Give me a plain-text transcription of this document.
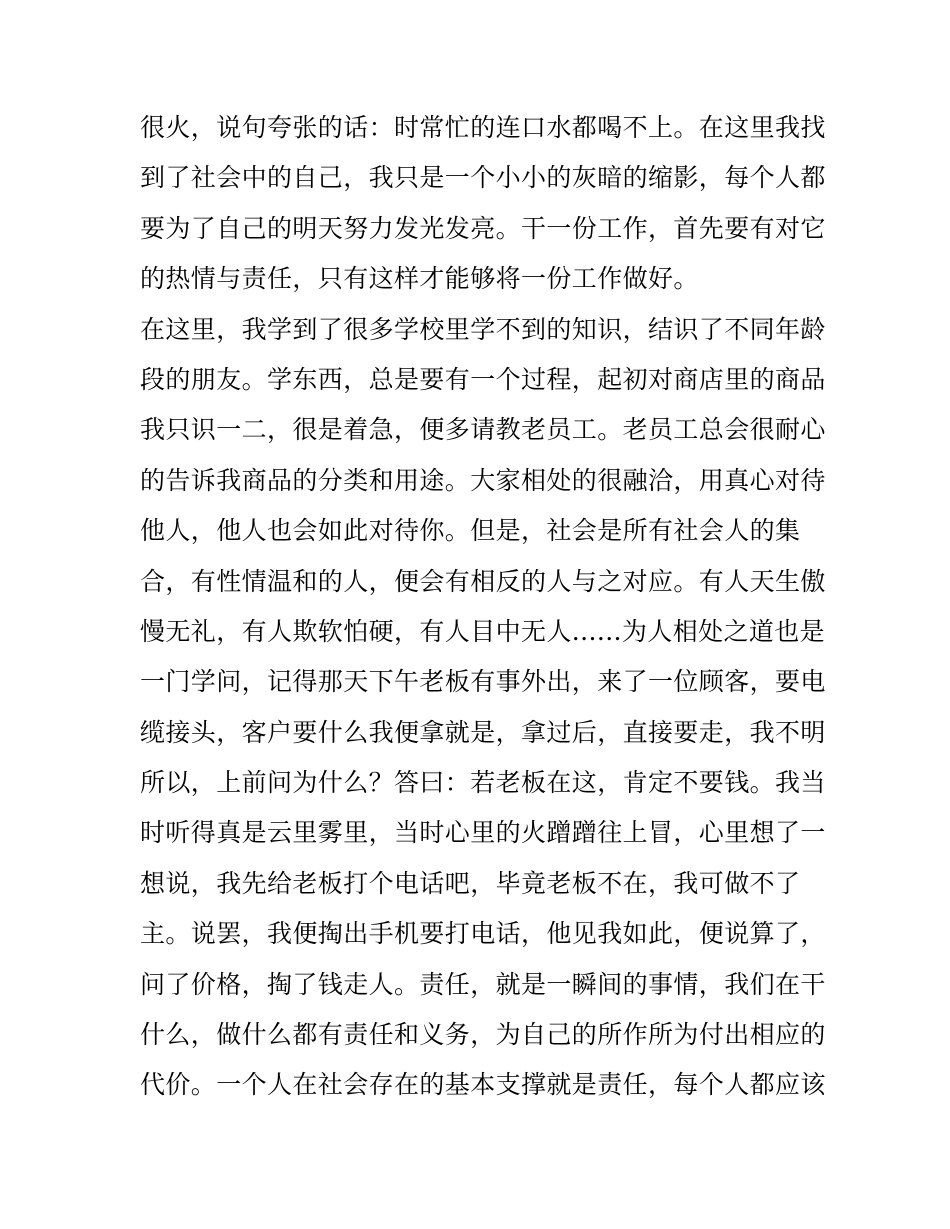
很火，说句夸张的话：时常忙的连口水都喝不上。在这里我找
到了社会中的自己，我只是一个小小的灰暗的缩影，每个人都
要为了自己的明天努力发光发亮。干一份工作，首先要有对它
的热情与责任，只有这样才能够将一份工作做好。
在这里，我学到了很多学校里学不到的知识，结识了不同年龄
段的朋友。学东西，总是要有一个过程，起初对商店里的商品
我只识一二，很是着急，便多请教老员工。老员工总会很耐心
的告诉我商品的分类和用途。大家相处的很融洽，用真心对待
他人，他人也会如此对待你。但是，社会是所有社会人的集
合，有性情温和的人，便会有相反的人与之对应。有人天生傲
慢无礼，有人欺软怕硬，有人目中无人......为人相处之道也是
一门学问，记得那天下午老板有事外出，来了一位顾客，要电
缆接头，客户要什么我便拿就是，拿过后，直接要走，我不明
所以，上前问为什么？答曰：若老板在这，肯定不要钱。我当
时听得真是云里雾里，当时心里的火蹭蹭往上冒，心里想了一
想说，我先给老板打个电话吧，毕竟老板不在，我可做不了
主。说罢，我便掏出手机要打电话，他见我如此，便说算了，
问了价格，掏了钱走人。责任，就是一瞬间的事情，我们在干
什么，做什么都有责任和义务，为自己的所作所为付出相应的
代价。一个人在社会存在的基本支撑就是责任，每个人都应该
